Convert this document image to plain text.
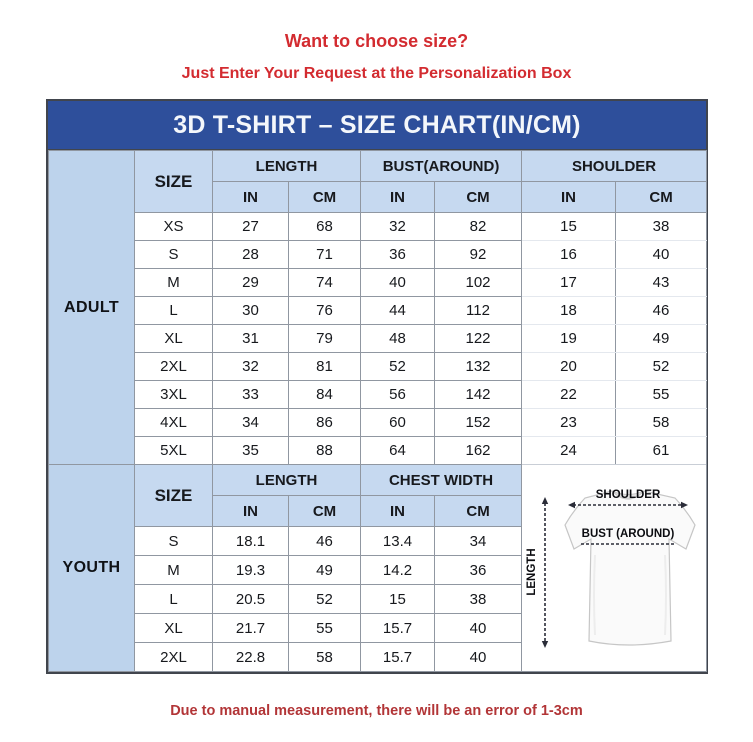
Want to choose size?
Just Enter Your Request at the Personalization Box
3D T-SHIRT – SIZE CHART(IN/CM)
ADULT	SIZE	LENGTH		BUST(AROUND)		SHOULDER	
		IN	CM	IN	CM	IN	CM
	XS	27	68	32	82	15	38
	S	28	71	36	92	16	40
	M	29	74	40	102	17	43
	L	30	76	44	112	18	46
	XL	31	79	48	122	19	49
	2XL	32	81	52	132	20	52
	3XL	33	84	56	142	22	55
	4XL	34	86	60	152	23	58
	5XL	35	88	64	162	24	61
YOUTH	SIZE	LENGTH		CHEST WIDTH		SHOULDER
BUST (AROUND)
LENGTH

		IN	CM	IN	CM	
	S	18.1	46	13.4	34	
	M	19.3	49	14.2	36	
	L	20.5	52	15	38	
	XL	21.7	55	15.7	40	
	2XL	22.8	58	15.7	40	
Due to manual measurement, there will be an error of 1-3cm
